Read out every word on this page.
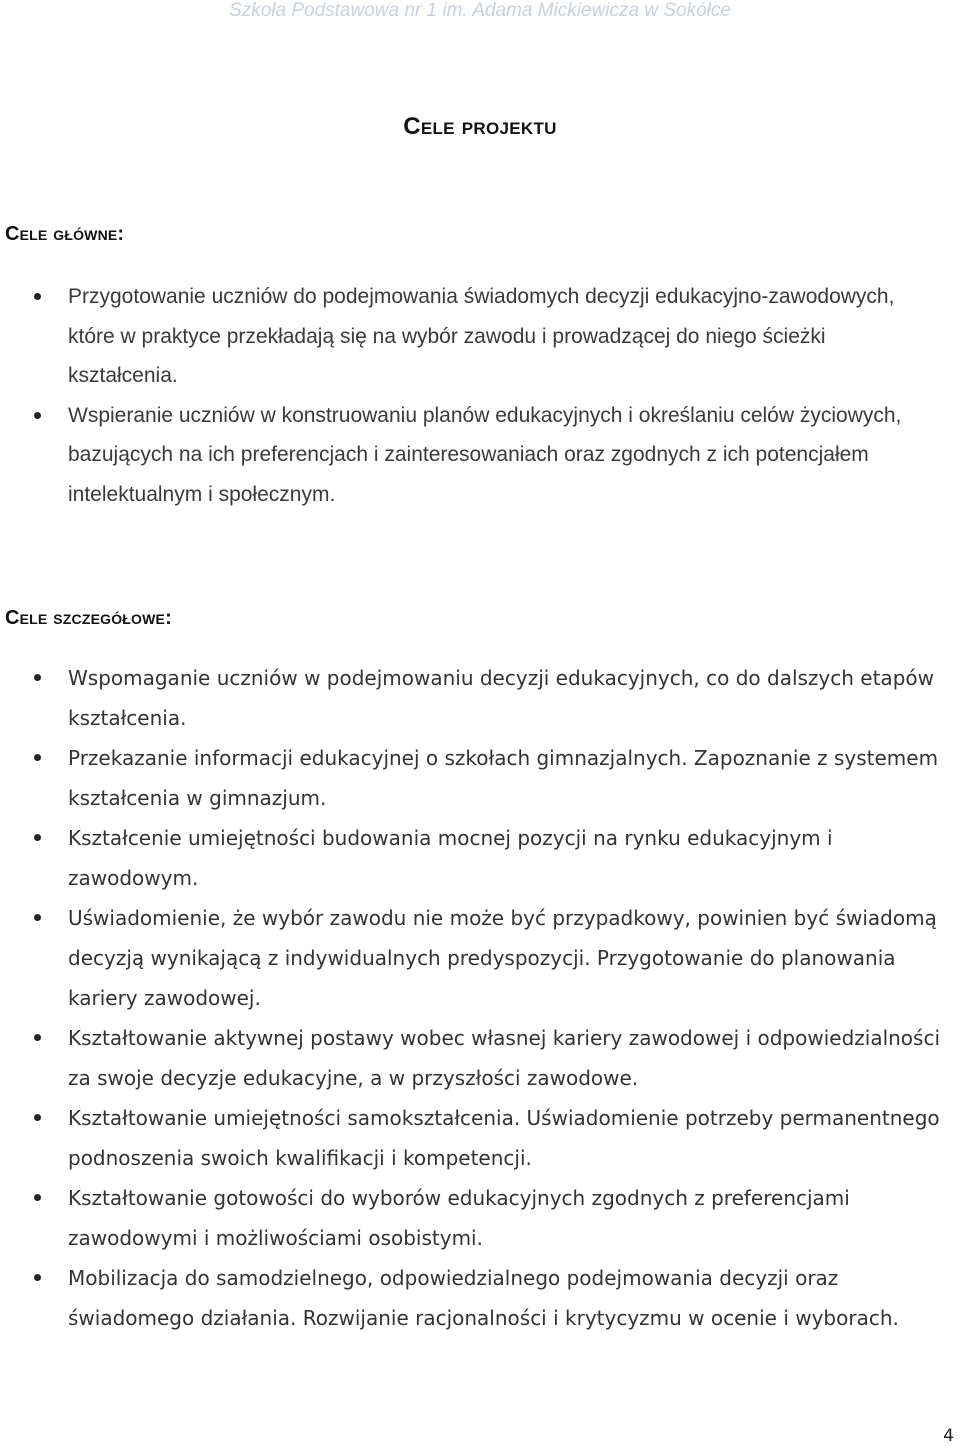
Szkoła Podstawowa nr 1 im. Adama Mickiewicza w Sokółce
Cele projektu
Cele główne:
Przygotowanie uczniów do podejmowania świadomych decyzji edukacyjno-zawodowych, które w praktyce przekładają się na wybór zawodu i prowadzącej do niego ścieżki kształcenia.
Wspieranie uczniów w konstruowaniu planów edukacyjnych i określaniu celów życiowych, bazujących na ich preferencjach i zainteresowaniach oraz zgodnych z ich potencjałem intelektualnym i społecznym.
Cele szczegółowe:
Wspomaganie uczniów w podejmowaniu decyzji edukacyjnych, co do dalszych etapów kształcenia.
Przekazanie informacji edukacyjnej o szkołach gimnazjalnych. Zapoznanie z systemem kształcenia w gimnazjum.
Kształcenie umiejętności budowania mocnej pozycji na rynku edukacyjnym i zawodowym.
Uświadomienie, że wybór zawodu nie może być przypadkowy, powinien być świadomą decyzją wynikającą z indywidualnych predyspozycji. Przygotowanie do planowania kariery zawodowej.
Kształtowanie aktywnej postawy wobec własnej kariery zawodowej i odpowiedzialności za swoje decyzje edukacyjne, a w przyszłości zawodowe.
Kształtowanie umiejętności samokształcenia. Uświadomienie potrzeby permanentnego podnoszenia swoich kwalifikacji i kompetencji.
Kształtowanie gotowości do wyborów edukacyjnych zgodnych z preferencjami zawodowymi i możliwościami osobistymi.
Mobilizacja do samodzielnego, odpowiedzialnego podejmowania decyzji oraz świadomego działania. Rozwijanie racjonalności i krytycyzmu w ocenie i wyborach.
4
